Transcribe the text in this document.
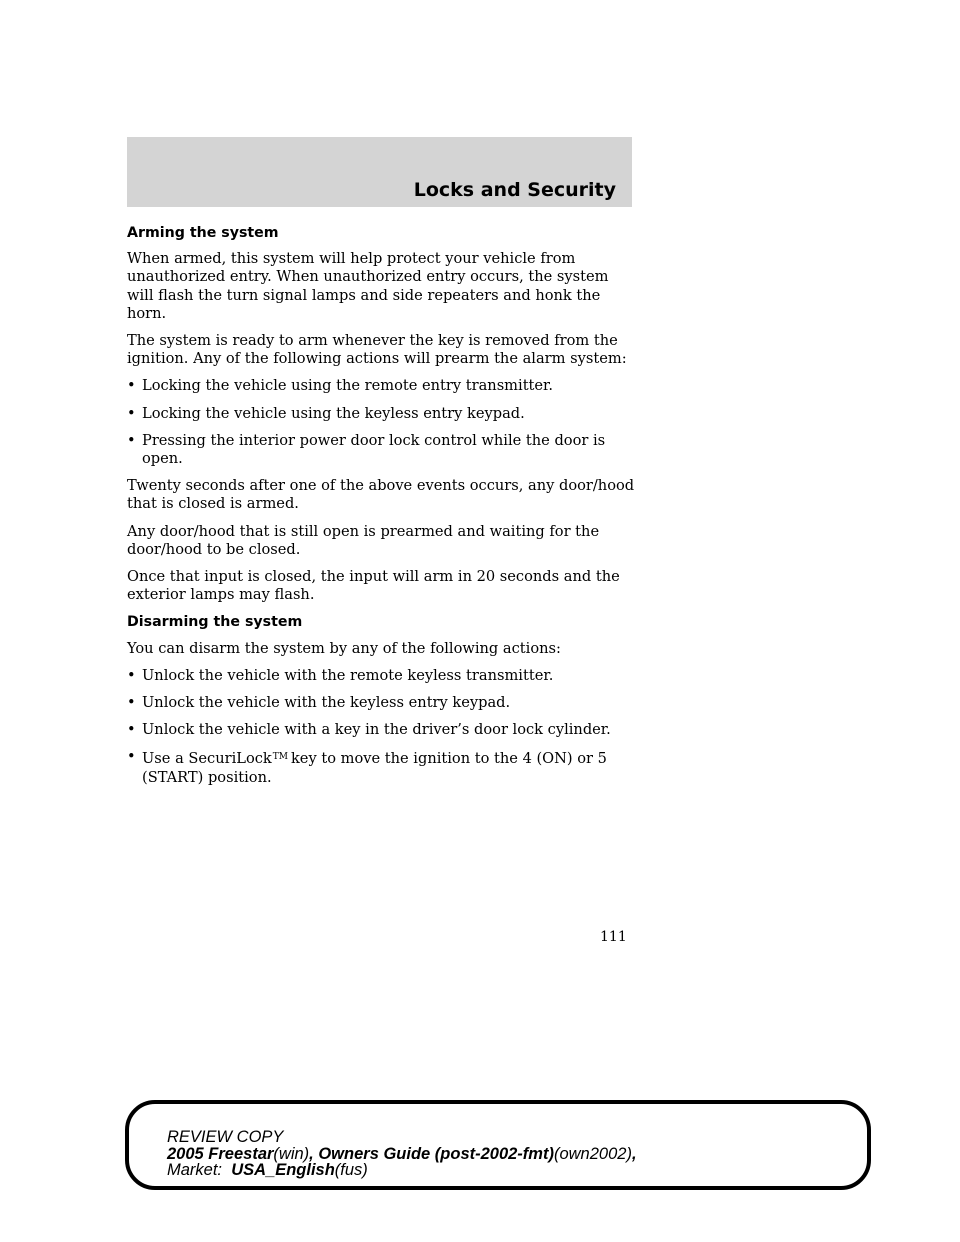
Locks and Security
Arming the system

When armed, this system will help protect your vehicle from unauthorized entry. When unauthorized entry occurs, the system will flash the turn signal lamps and side repeaters and honk the horn.

The system is ready to arm whenever the key is removed from the ignition. Any of the following actions will prearm the alarm system:

• Locking the vehicle using the remote entry transmitter.
• Locking the vehicle using the keyless entry keypad.
• Pressing the interior power door lock control while the door is open.

Twenty seconds after one of the above events occurs, any door/hood that is closed is armed.

Any door/hood that is still open is prearmed and waiting for the door/hood to be closed.

Once that input is closed, the input will arm in 20 seconds and the exterior lamps may flash.

Disarming the system

You can disarm the system by any of the following actions:

• Unlock the vehicle with the remote keyless transmitter.
• Unlock the vehicle with the keyless entry keypad.
• Unlock the vehicle with a key in the driver’s door lock cylinder.
• Use a SecuriLock™ key to move the ignition to the 4 (ON) or 5 (START) position.
111
REVIEW COPY
2005 Freestar(win), Owners Guide (post-2002-fmt)(own2002),
Market: USA_English(fus)
